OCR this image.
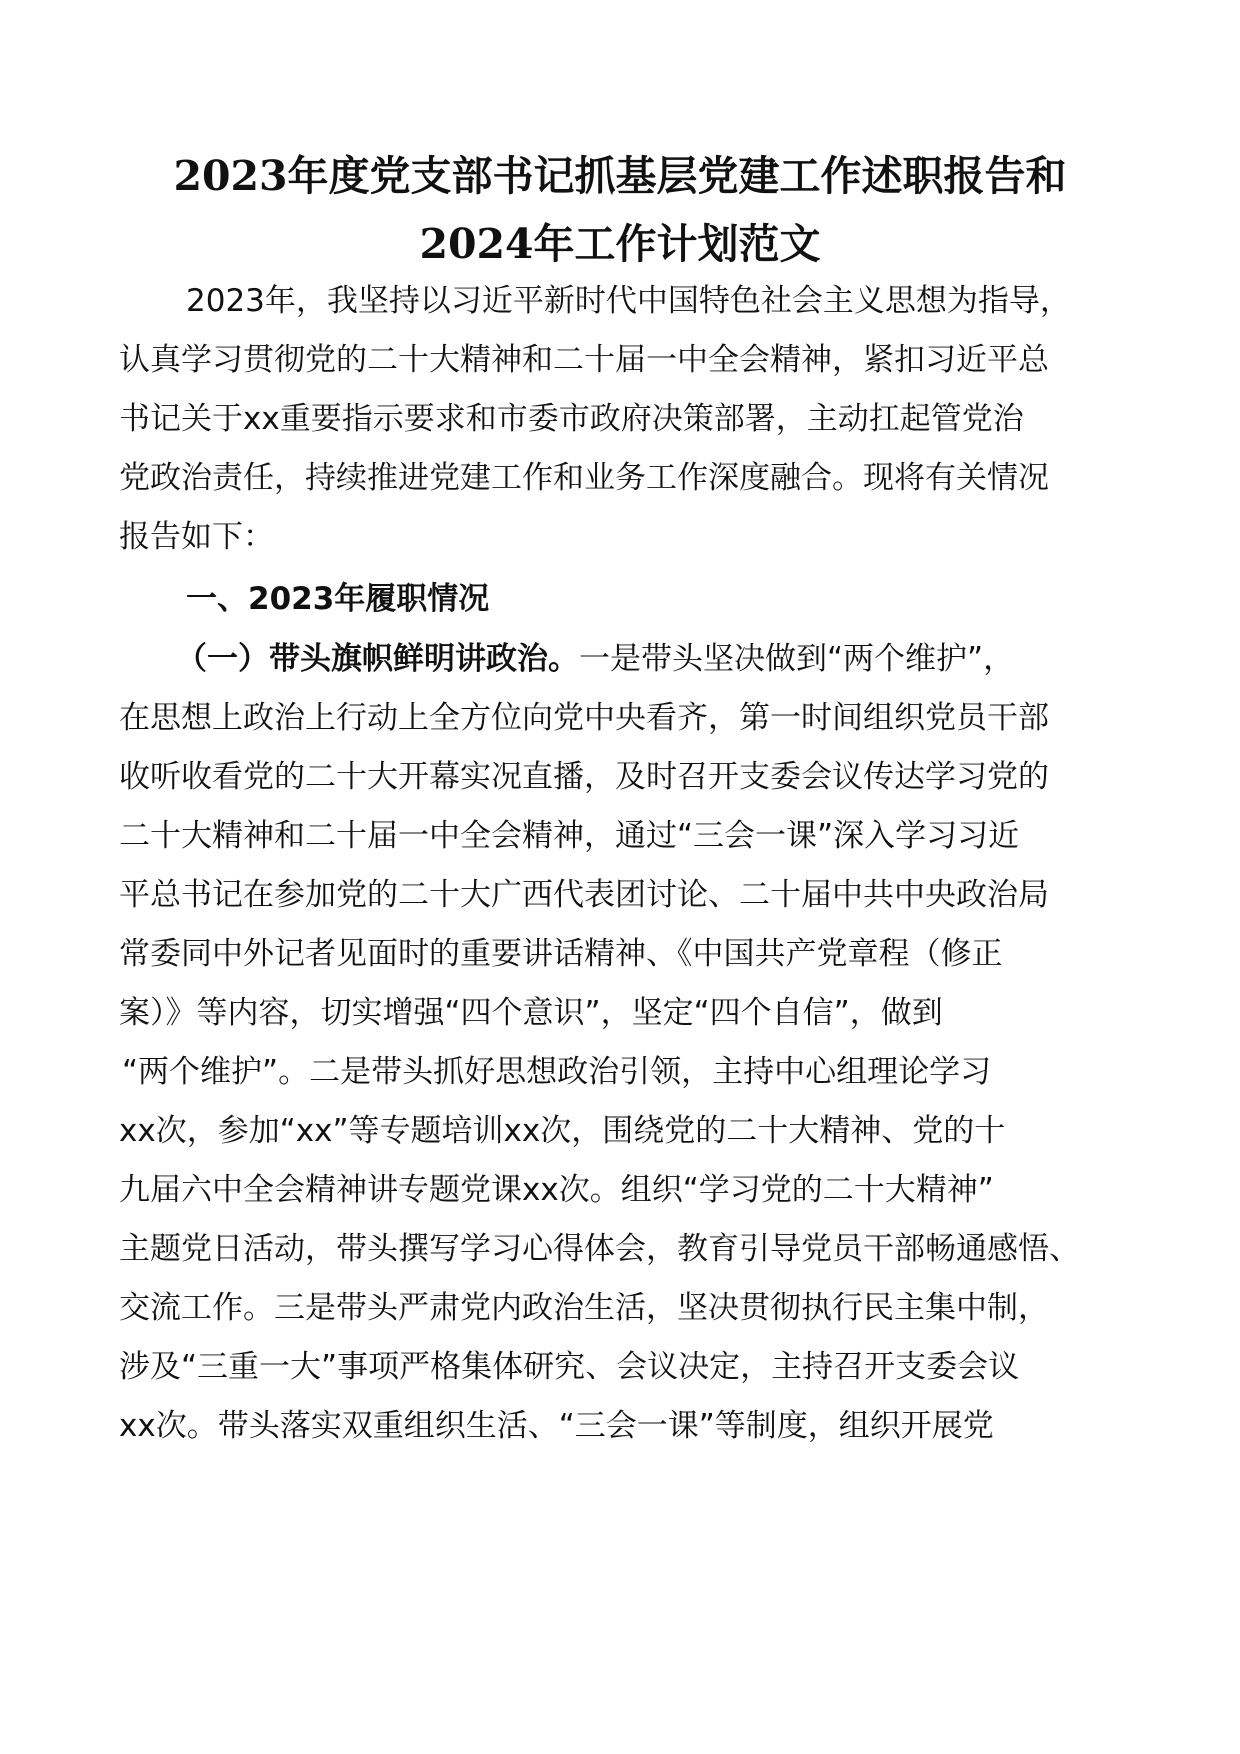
2023年度党支部书记抓基层党建工作述职报告和
2024年工作计划范文
2023年，我坚持以习近平新时代中国特色社会主义思想为指导，
认真学习贯彻党的二十大精神和二十届一中全会精神，紧扣习近平总
书记关于xx重要指示要求和市委市政府决策部署，主动扛起管党治
党政治责任，持续推进党建工作和业务工作深度融合。现将有关情况
报告如下：
一、2023年履职情况
（一）带头旗帜鲜明讲政治。一是带头坚决做到“两个维护”，
在思想上政治上行动上全方位向党中央看齐，第一时间组织党员干部
收听收看党的二十大开幕实况直播，及时召开支委会议传达学习党的
二十大精神和二十届一中全会精神，通过“三会一课”深入学习习近
平总书记在参加党的二十大广西代表团讨论、二十届中共中央政治局
常委同中外记者见面时的重要讲话精神、《中国共产党章程（修正
案）》等内容，切实增强“四个意识”，坚定“四个自信”，做到
“两个维护”。二是带头抓好思想政治引领，主持中心组理论学习
xx次，参加“xx”等专题培训xx次，围绕党的二十大精神、党的十
九届六中全会精神讲专题党课xx次。组织“学习党的二十大精神”
主题党日活动，带头撰写学习心得体会，教育引导党员干部畅通感悟、
交流工作。三是带头严肃党内政治生活，坚决贯彻执行民主集中制，
涉及“三重一大”事项严格集体研究、会议决定，主持召开支委会议
xx次。带头落实双重组织生活、“三会一课”等制度，组织开展党
